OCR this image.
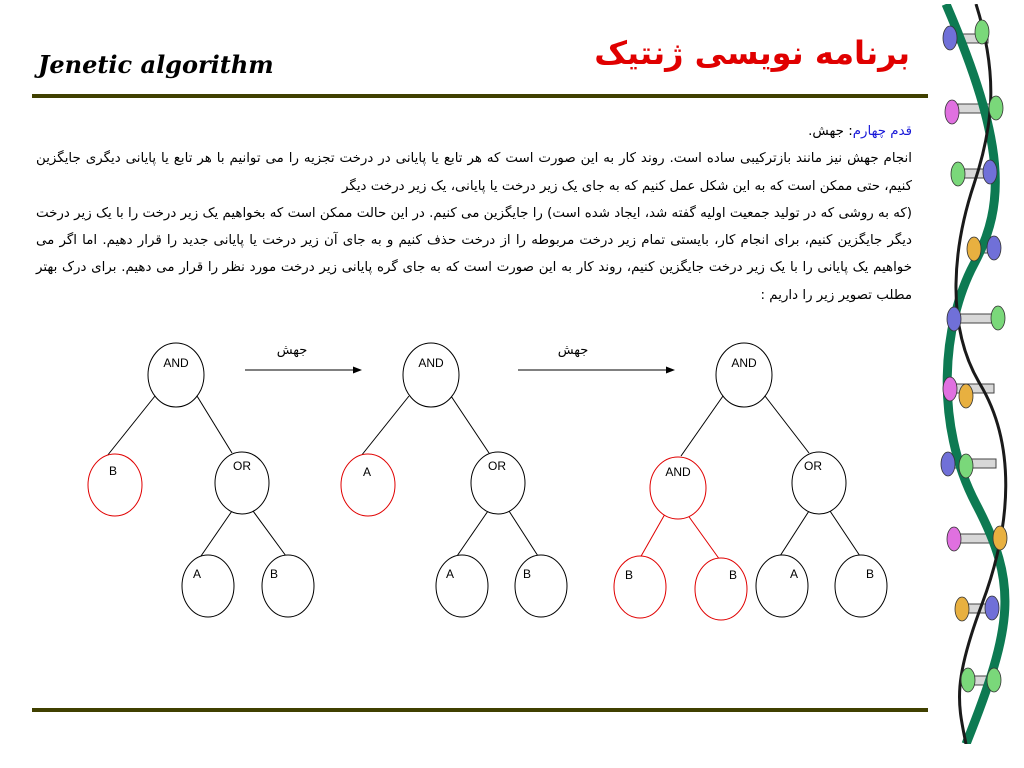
برنامه نویسی ژنتیک
Jenetic algorithm

قدم چهارم: جهش.

انجام جهش نیز مانند بازترکیبی ساده است. روند کار به این صورت است که هر تابع یا پایانی در درخت تجزیه را می توانیم با هر تابع یا پایانی دیگری جایگزین کنیم، حتی ممکن است که به این شکل عمل کنیم که به جای یک زیر درخت یا پایانی، یک زیر درخت دیگر

(که به روشی که در تولید جمعیت اولیه گفته شد، ایجاد شده است) را جایگزین می کنیم. در این حالت ممکن است که بخواهیم یک زیر درخت را با یک زیر درخت دیگر جایگزین کنیم، برای انجام کار، بایستی تمام زیر درخت مربوطه را از درخت حذف کنیم و به جای آن زیر درخت یا پایانی جدید را قرار دهیم. اما اگر می خواهیم یک پایانی را با یک زیر درخت جایگزین کنیم، روند کار به این صورت است که به جای گره پایانی زیر درخت مورد نظر را قرار می دهیم. برای درک بهتر مطلب تصویر زیر را داریم :

جهش	جهش
AND
B	OR
A	B
AND
A	OR
A	B
AND
AND	OR
B	B	A	B
